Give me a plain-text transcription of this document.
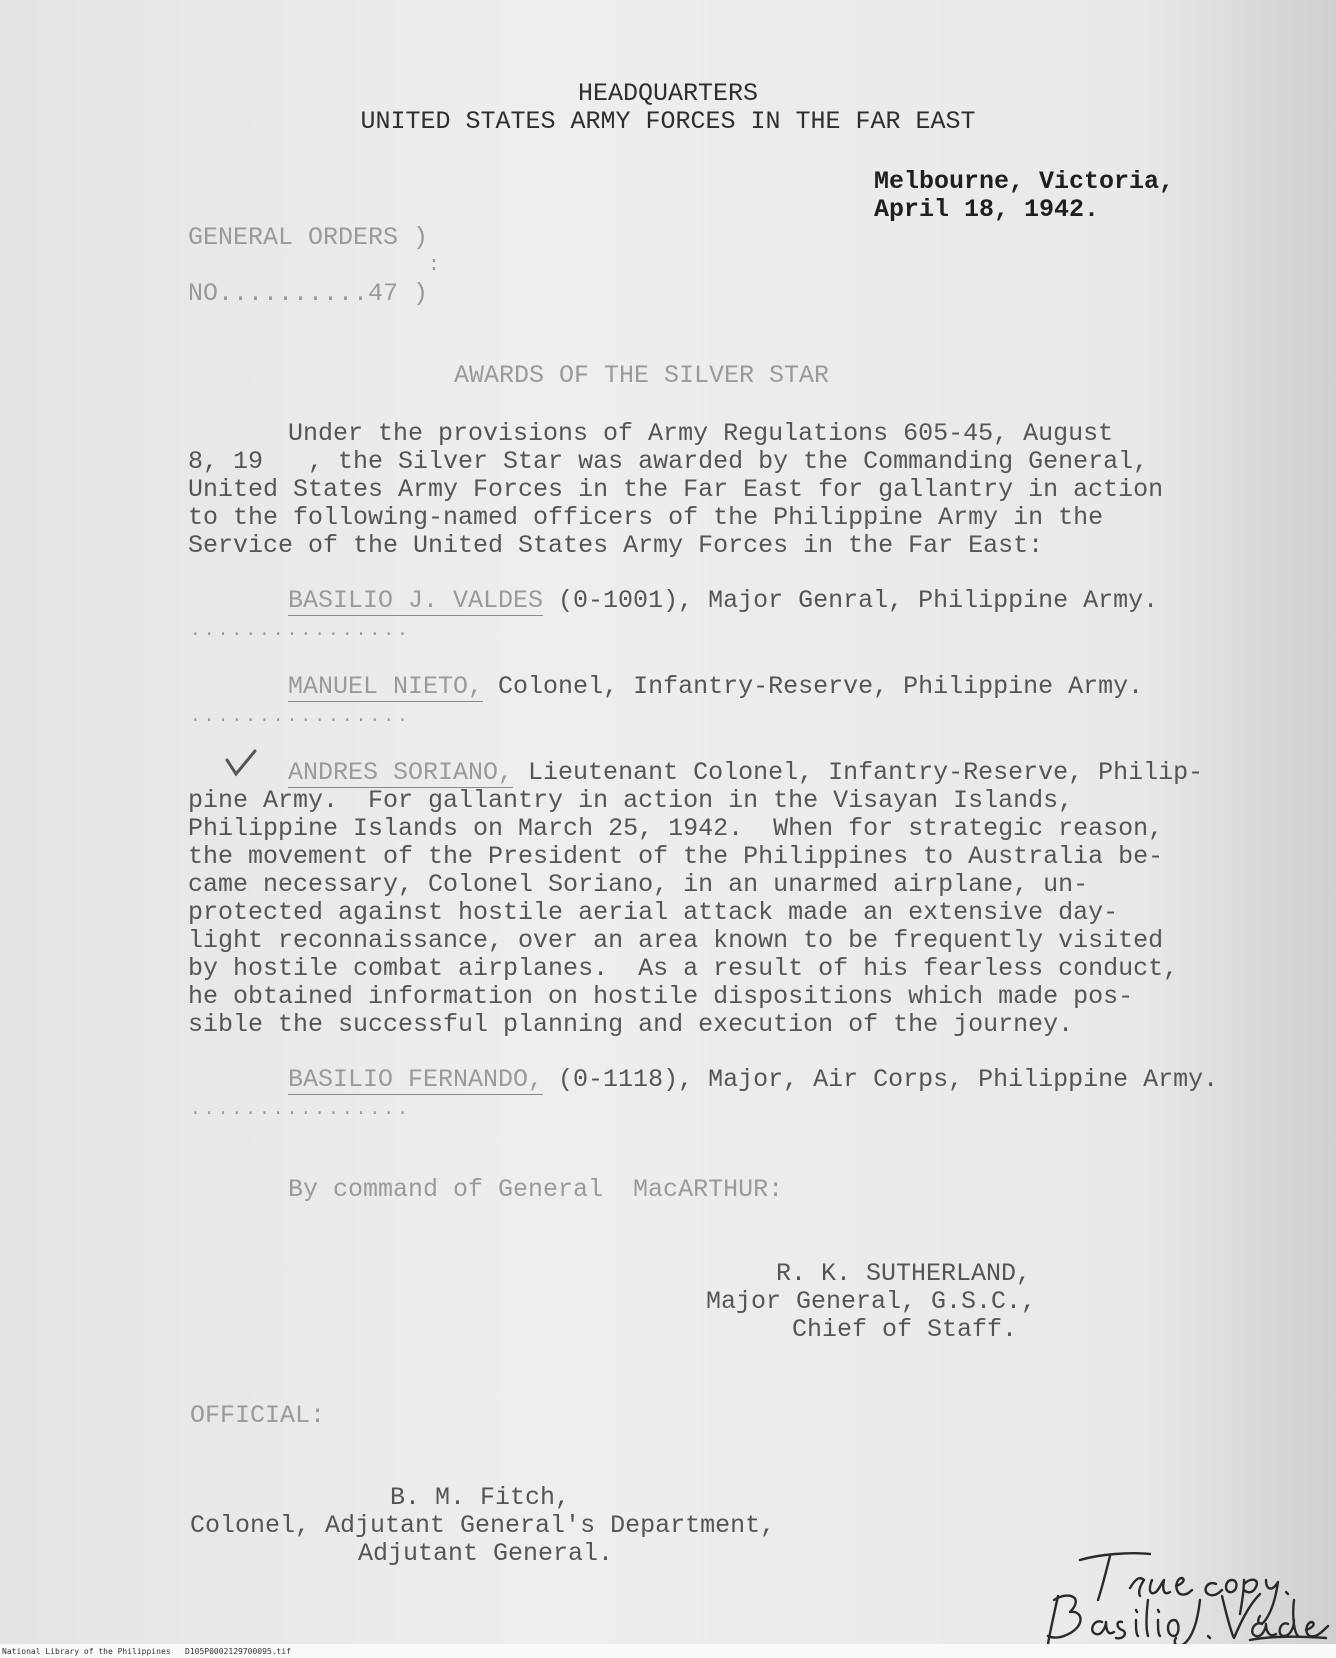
HEADQUARTERS
UNITED STATES ARMY FORCES IN THE FAR EAST
Melbourne, Victoria,
April 18, 1942.
GENERAL ORDERS )
:
NO..........47 )
AWARDS OF THE SILVER STAR
Under the provisions of Army Regulations 605-45, August
8, 19   , the Silver Star was awarded by the Commanding General,
United States Army Forces in the Far East for gallantry in action
to the following-named officers of the Philippine Army in the
Service of the United States Army Forces in the Far East:
BASILIO J. VALDES (0-1001), Major Genral, Philippine Army.
................
MANUEL NIETO, Colonel, Infantry-Reserve, Philippine Army.
................
ANDRES SORIANO, Lieutenant Colonel, Infantry-Reserve, Philip-
pine Army.  For gallantry in action in the Visayan Islands,
Philippine Islands on March 25, 1942.  When for strategic reason,
the movement of the President of the Philippines to Australia be-
came necessary, Colonel Soriano, in an unarmed airplane, un-
protected against hostile aerial attack made an extensive day-
light reconnaissance, over an area known to be frequently visited
by hostile combat airplanes.  As a result of his fearless conduct,
he obtained information on hostile dispositions which made pos-
sible the successful planning and execution of the journey.
BASILIO FERNANDO, (0-1118), Major, Air Corps, Philippine Army.
................
By command of General  MacARTHUR:
R. K. SUTHERLAND,
Major General, G.S.C.,
Chief of Staff.
OFFICIAL:
B. M. Fitch,
Colonel, Adjutant General's Department,
Adjutant General.
National Library of the Philippines   D105P0002129700095.tif
